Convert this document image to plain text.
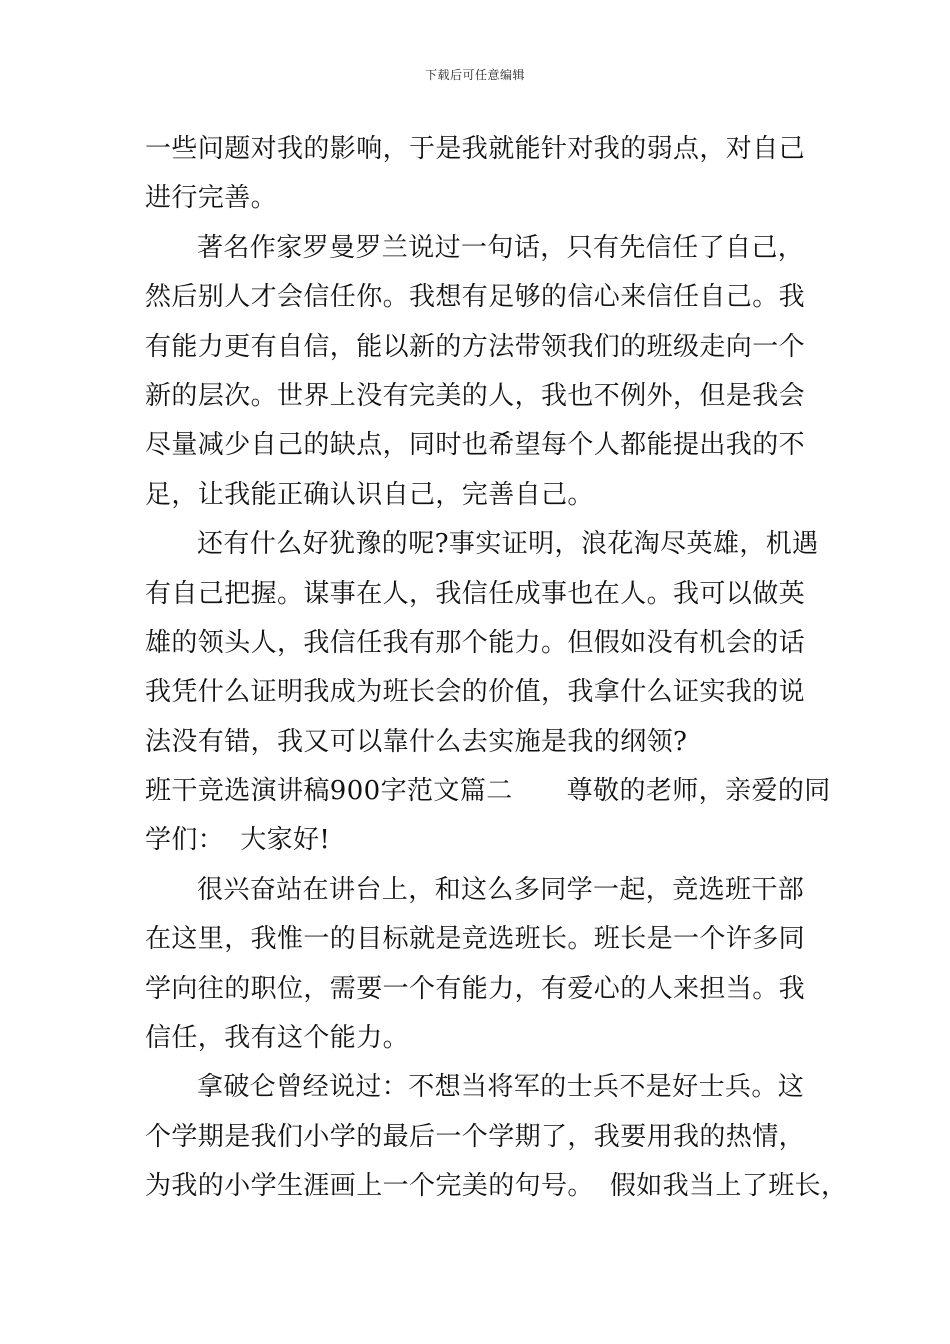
下载后可任意编辑
一些问题对我的影响，于是我就能针对我的弱点，对自己
进行完善。
著名作家罗曼罗兰说过一句话，只有先信任了自己，
然后别人才会信任你。我想有足够的信心来信任自己。我
有能力更有自信，能以新的方法带领我们的班级走向一个
新的层次。世界上没有完美的人，我也不例外，但是我会
尽量减少自己的缺点，同时也希望每个人都能提出我的不
足，让我能正确认识自己，完善自己。
还有什么好犹豫的呢?事实证明，浪花淘尽英雄，机遇
有自己把握。谋事在人，我信任成事也在人。我可以做英
雄的领头人，我信任我有那个能力。但假如没有机会的话
我凭什么证明我成为班长会的价值，我拿什么证实我的说
法没有错，我又可以靠什么去实施是我的纲领?
班干竞选演讲稿900字范文篇二 尊敬的老师，亲爱的同
学们： 大家好!
很兴奋站在讲台上，和这么多同学一起，竞选班干部
在这里，我惟一的目标就是竞选班长。班长是一个许多同
学向往的职位，需要一个有能力，有爱心的人来担当。我
信任，我有这个能力。
拿破仑曾经说过：不想当将军的士兵不是好士兵。这
个学期是我们小学的最后一个学期了，我要用我的热情，
为我的小学生涯画上一个完美的句号。 假如我当上了班长，
